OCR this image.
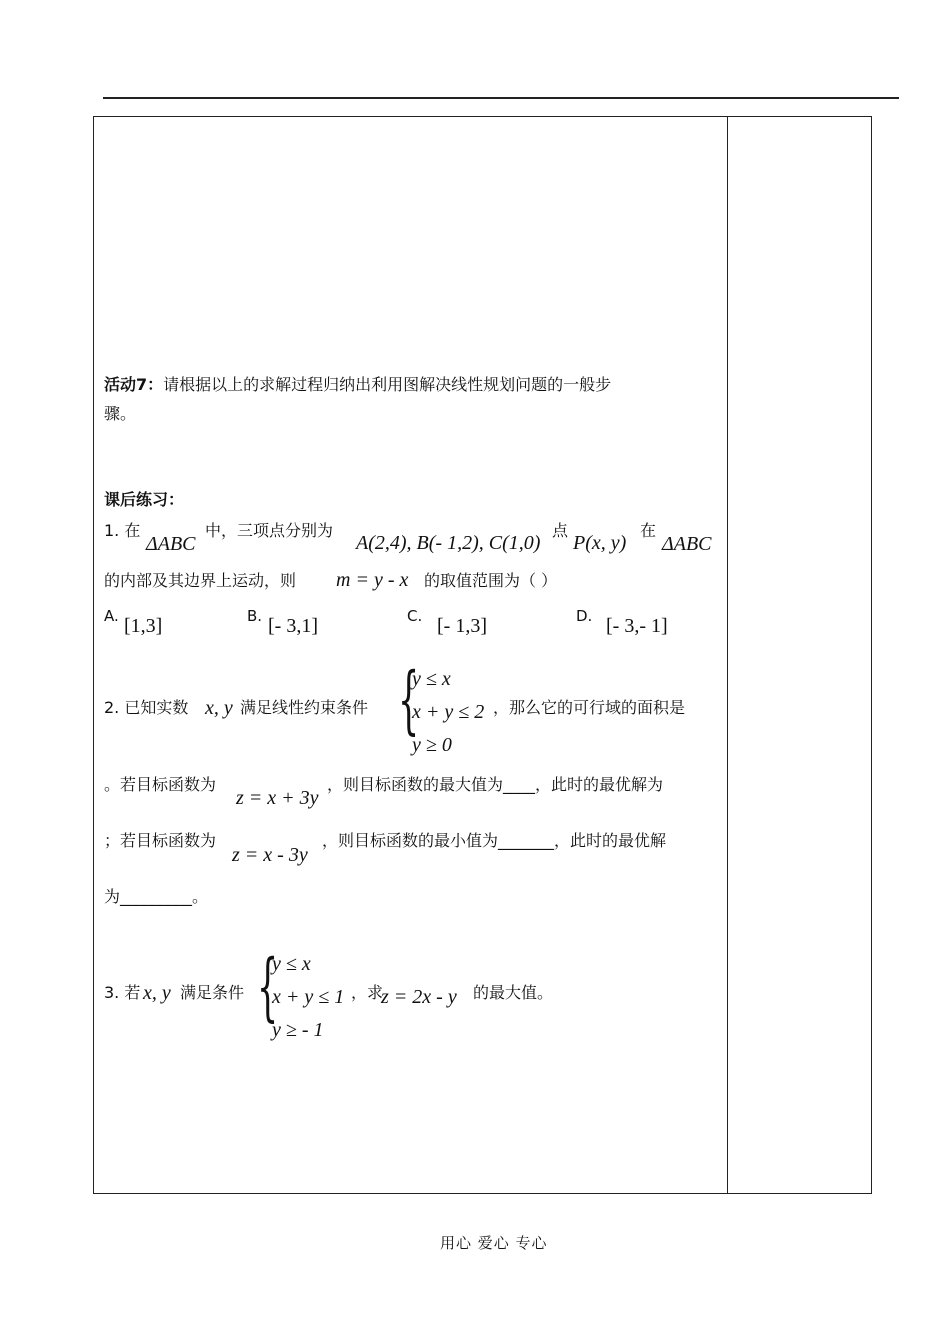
活动7：请根据以上的求解过程归纳出利用图解决线性规划问题的一般步
骤。
课后练习：
1. 在
ΔABC
中，三项点分别为
A(2,4), B(- 1,2), C(1,0)
点
P(x, y)
在
ΔABC
的内部及其边界上运动，则 m = y - x 的取值范围为（ ）
A. [1,3]	B. [- 3,1]	C. [- 1,3]	D. [- 3,- 1]
2. 已知实数 x, y 满足线性约束条件 {
y ≤ x
x + y ≤ 2
y ≥ 0
，那么它的可行域的面积是
。若目标函数为
z = x + 3y
，则目标函数的最大值为____，此时的最优解为
；若目标函数为
z = x - 3y
，则目标函数的最小值为_______，此时的最优解
为_________。
3. 若 x, y 满足条件 {
y ≤ x
x + y ≤ 1
y ≥ - 1
，求
z = 2x - y 的最大值。
用心 爱心 专心
